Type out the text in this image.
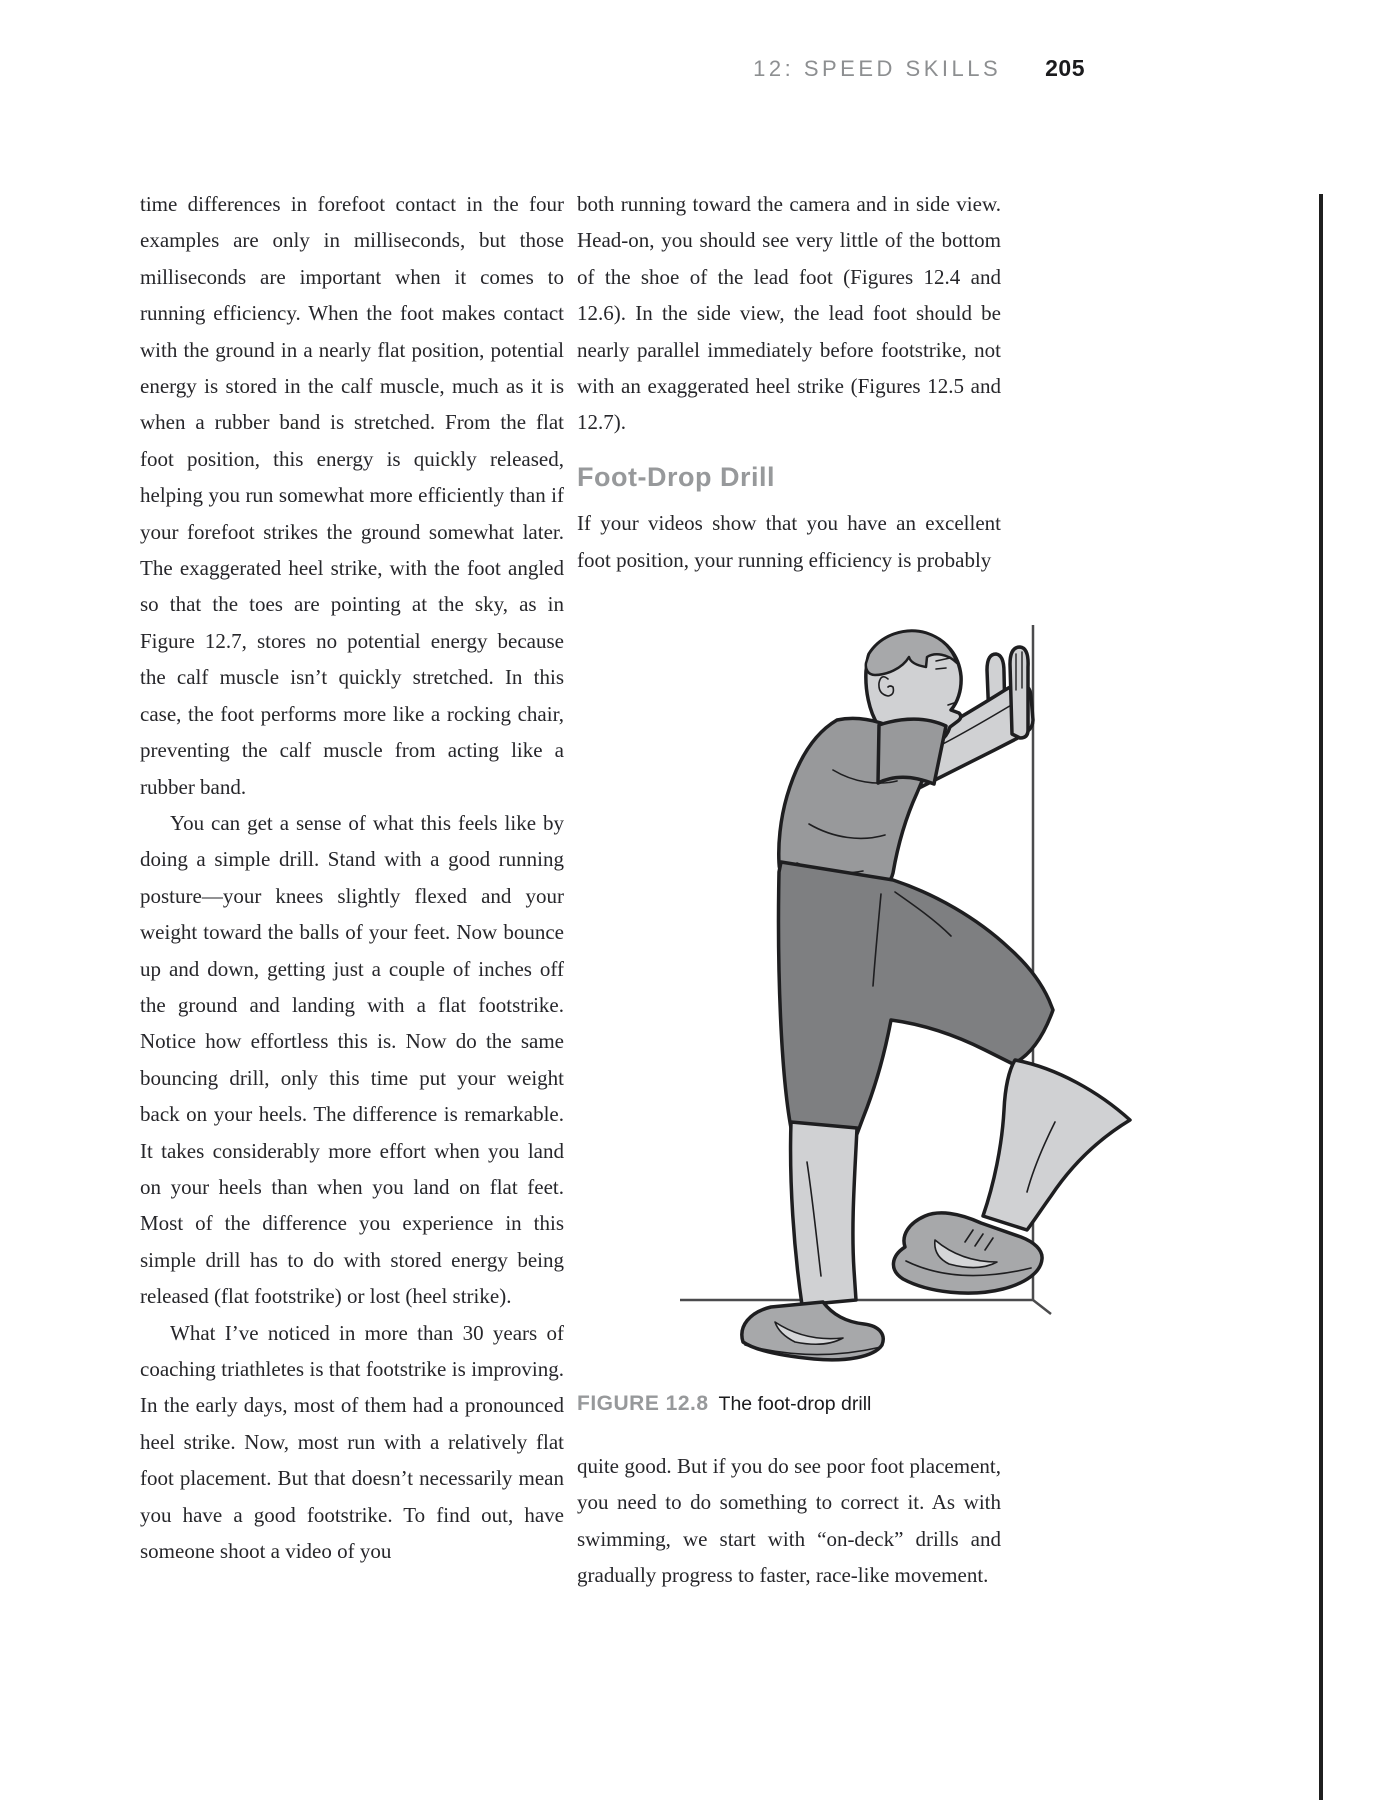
12: SPEED SKILLS 205

time differences in forefoot contact in the four examples are only in milliseconds, but those milliseconds are important when it comes to running efficiency. When the foot makes contact with the ground in a nearly flat position, potential energy is stored in the calf muscle, much as it is when a rubber band is stretched. From the flat foot position, this energy is quickly released, helping you run somewhat more efficiently than if your forefoot strikes the ground somewhat later. The exaggerated heel strike, with the foot angled so that the toes are pointing at the sky, as in Figure 12.7, stores no potential energy because the calf muscle isn’t quickly stretched. In this case, the foot performs more like a rocking chair, preventing the calf muscle from acting like a rubber band.

You can get a sense of what this feels like by doing a simple drill. Stand with a good running posture—your knees slightly flexed and your weight toward the balls of your feet. Now bounce up and down, getting just a couple of inches off the ground and landing with a flat footstrike. Notice how effortless this is. Now do the same bouncing drill, only this time put your weight back on your heels. The difference is remarkable. It takes considerably more effort when you land on your heels than when you land on flat feet. Most of the difference you experience in this simple drill has to do with stored energy being released (flat footstrike) or lost (heel strike).

What I’ve noticed in more than 30 years of coaching triathletes is that footstrike is improving. In the early days, most of them had a pronounced heel strike. Now, most run with a relatively flat foot placement. But that doesn’t necessarily mean you have a good footstrike. To find out, have someone shoot a video of you

both running toward the camera and in side view. Head-on, you should see very little of the bottom of the shoe of the lead foot (Figures 12.4 and 12.6). In the side view, the lead foot should be nearly parallel immediately before footstrike, not with an exaggerated heel strike (Figures 12.5 and 12.7).

Foot-Drop Drill

If your videos show that you have an excellent foot position, your running efficiency is probably

FIGURE 12.8 The foot-drop drill

quite good. But if you do see poor foot placement, you need to do something to correct it. As with swimming, we start with “on-deck” drills and gradually progress to faster, race-like movement.
